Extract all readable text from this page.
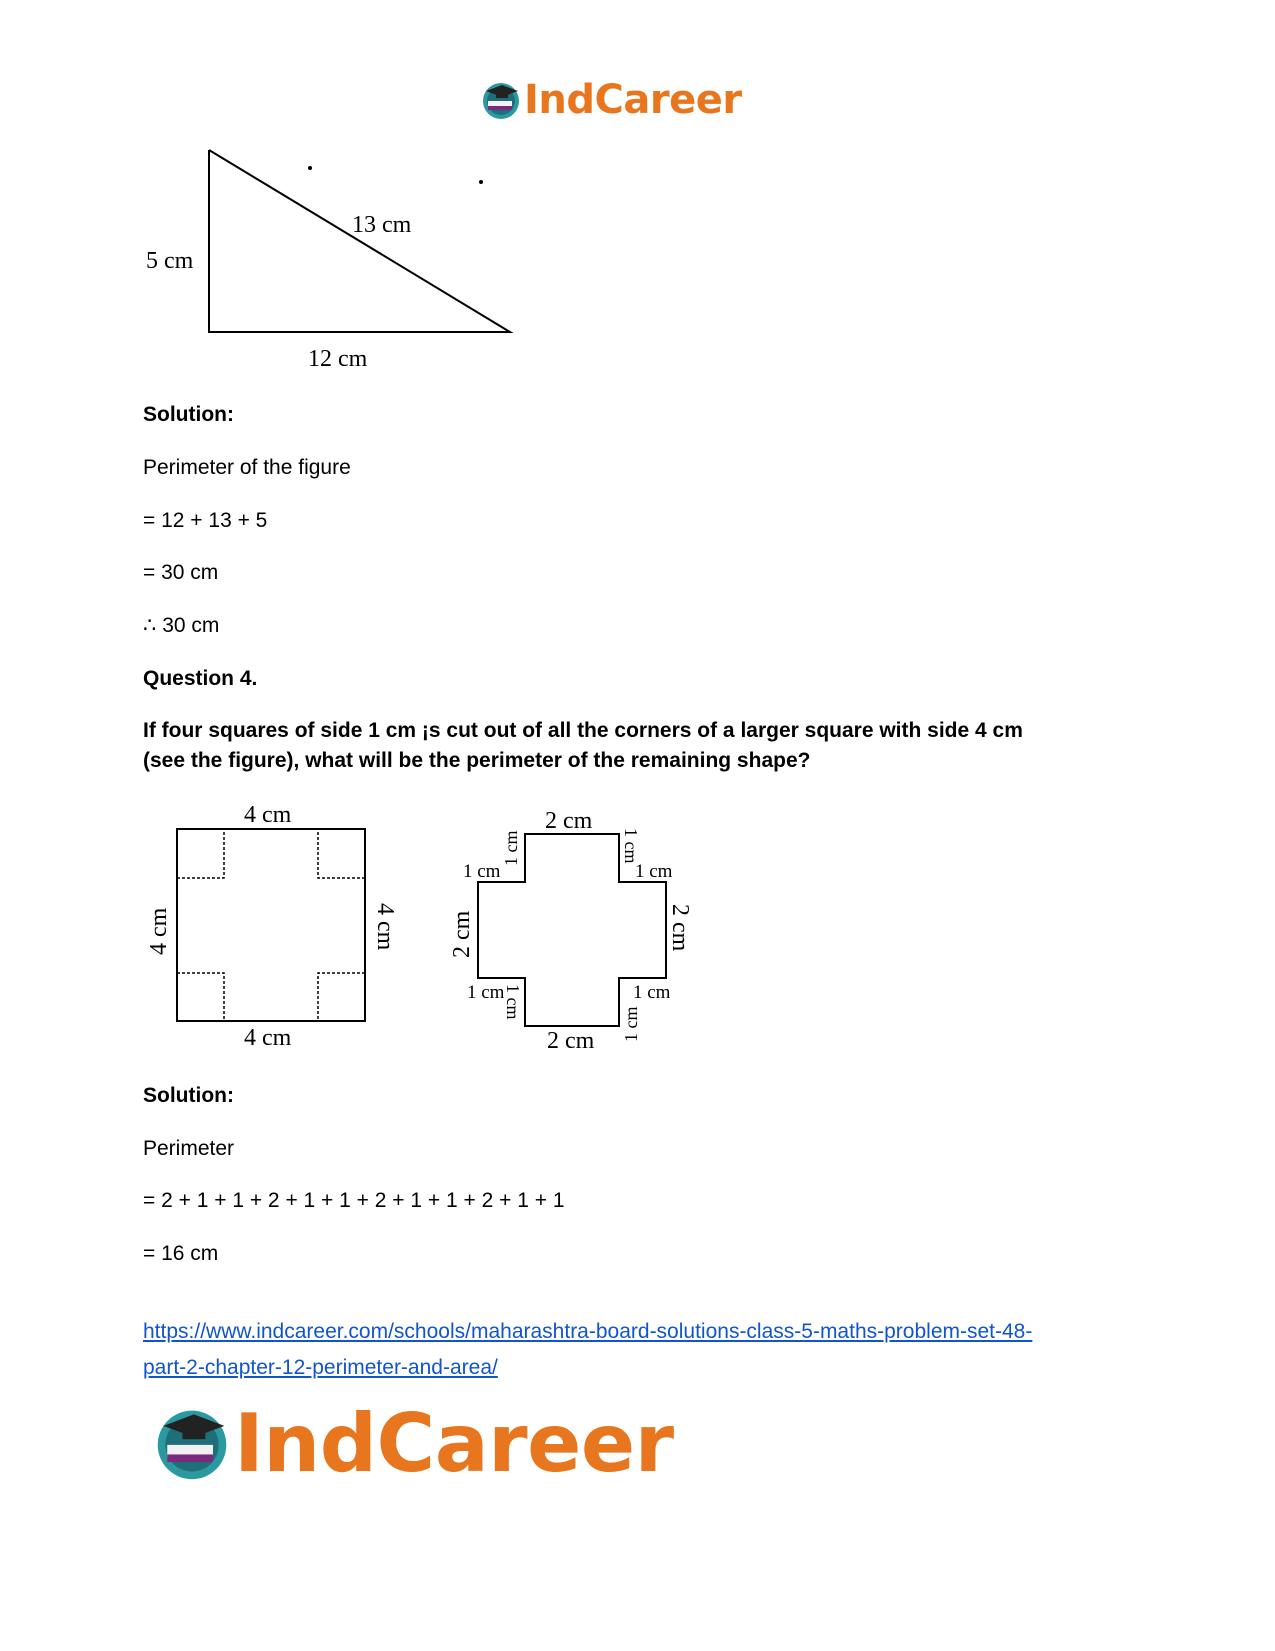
IndCareer
13 cm
5 cm
12 cm
Solution:
Perimeter of the figure
= 12 + 13 + 5
= 30 cm
∴ 30 cm
Question 4.
If four squares of side 1 cm ¡s cut out of all the corners of a larger square with side 4 cm
(see the figure), what will be the perimeter of the remaining shape?
4 cm
4 cm
4 cm	4 cm
2 cm
2 cm
2 cm	2 cm
1 cm
1 cm	1 cm
1 cm
1 cm
1 cm	1 cm
1 cm
Solution:
Perimeter
= 2 + 1 + 1 + 2 + 1 + 1 + 2 + 1 + 1 + 2 + 1 + 1
= 16 cm
https://www.indcareer.com/schools/maharashtra-board-solutions-class-5-maths-problem-set-48-
part-2-chapter-12-perimeter-and-area/
IndCareer
